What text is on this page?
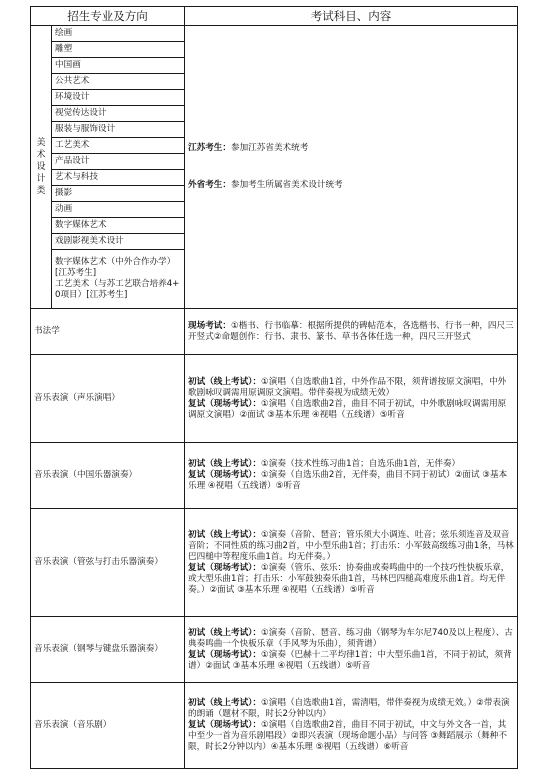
招生专业及方向		考试科目、内容
美
术
设
计
类	绘画	江苏考生：参加江苏省美术统考
外省考生：参加考生所属省美术设计统考

	雕塑	
	中国画	
	公共艺术	
	环境设计	
	视觉传达设计	
	服装与服饰设计	
	工艺美术	
	产品设计	
	艺术与科技	
	摄影	
	动画	
	数字媒体艺术	
	戏剧影视美术设计	
	数字媒体艺术（中外合作办学）[江苏考生]
工艺美术（与苏工艺联合培养4+0项目）[江苏考生]	
书法学		现场考试：①楷书、行书临摹：根据所提供的碑帖范本，各选楷书、行书一种，四尺三开竖式②命题创作：行书、隶书、篆书、草书各体任选一种，四尺三开竖式

音乐表演（声乐演唱）		初试（线上考试）：①演唱（自选歌曲1首，中外作品不限，须背谱按原文演唱，中外歌剧咏叹调需用原调原文演唱。带伴奏视为成绩无效）
复试（现场考试）：①演唱（自选歌曲2首，曲目不同于初试，中外歌剧咏叹调需用原调原文演唱）②面试 ③基本乐理 ④视唱（五线谱）⑤听音

音乐表演（中国乐器演奏）		初试（线上考试）：①演奏（技术性练习曲1首；自选乐曲1首，无伴奏）
复试（现场考试）：①演奏（自选乐曲2首，无伴奏，曲目不同于初试）②面试 ③基本乐理 ④视唱（五线谱）⑤听音

音乐表演（管弦与打击乐器演奏）		初试（线上考试）：①演奏（音阶、琶音；管乐须大小调连、吐音；弦乐须连音及双音音阶；不同性质的练习曲2首，中小型乐曲1首；打击乐：小军鼓高级练习曲1条，马林巴四槌中等程度乐曲1首。均无伴奏。）
复试（现场考试）：①演奏（管乐、弦乐：协奏曲或奏鸣曲中的一个技巧性快板乐章，或大型乐曲1首；打击乐：小军鼓独奏乐曲1首，马林巴四槌高难度乐曲1首。均无伴奏。）②面试 ③基本乐理 ④视唱（五线谱）⑤听音

音乐表演（钢琴与键盘乐器演奏）		初试（线上考试）：①演奏（音阶、琶音、练习曲（钢琴为车尔尼740及以上程度）、古典奏鸣曲一个快板乐章（手风琴为乐曲），须背谱）
复试（现场考试）：①演奏（巴赫十二平均律1首；中大型乐曲1首，不同于初试，须背谱）②面试 ③基本乐理 ④视唱（五线谱）⑤听音

音乐表演（音乐剧）		初试（线上考试）：①演唱（自选歌曲1首，需清唱，带伴奏视为成绩无效。）②带表演的朗诵（题材不限，时长2分钟以内）
复试（现场考试）：①演唱（自选歌曲2首，曲目不同于初试，中文与外文各一首，其中至少一首为音乐剧唱段）②即兴表演（现场命题小品）与问答 ③舞蹈展示（舞种不限，时长2分钟以内）④基本乐理 ⑤视唱（五线谱）⑥听音
